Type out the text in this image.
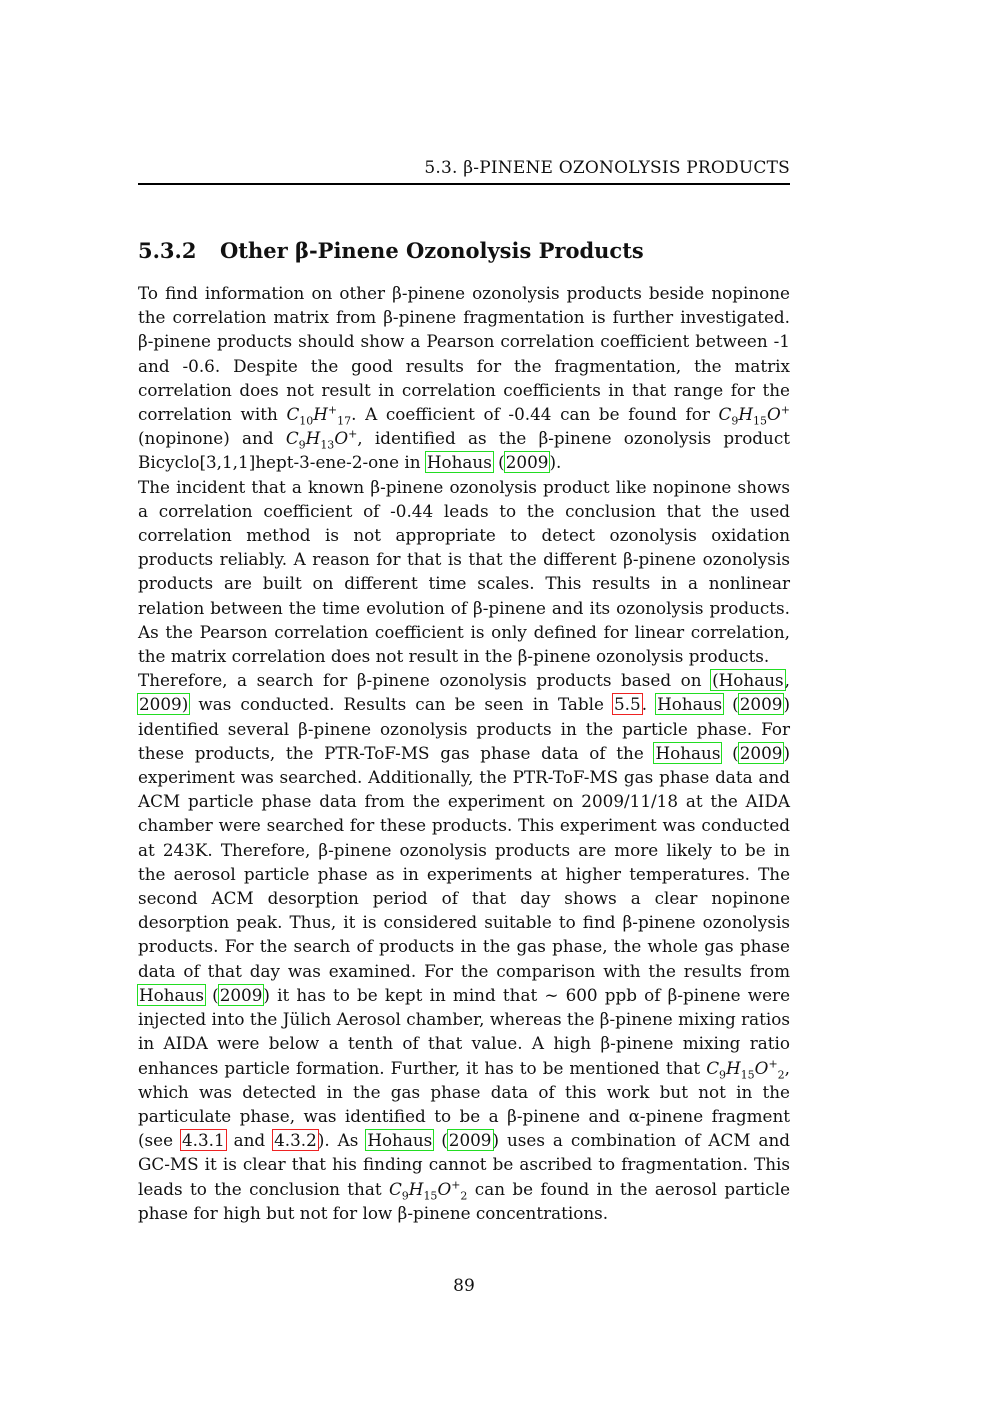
5.3. β-PINENE OZONOLYSIS PRODUCTS
5.3.2 Other β-Pinene Ozonolysis Products

To find information on other β-pinene ozonolysis products beside nopinone the correlation matrix from β-pinene fragmentation is further investigated. β-pinene products should show a Pearson correlation coefficient between -1 and -0.6. Despite the good results for the fragmentation, the matrix correlation does not result in correlation coefficients in that range for the correlation with $C_{10}H^+_{17}$. A coefficient of -0.44 can be found for $C_9H_{15}O^+$ (nopinone) and $C_9H_{13}O^+$, identified as the β-pinene ozonolysis product Bicyclo[3,1,1]hept-3-ene-2-one in Hohaus (2009).

The incident that a known β-pinene ozonolysis product like nopinone shows a correlation coefficient of -0.44 leads to the conclusion that the used correlation method is not appropriate to detect ozonolysis oxidation products reliably. A reason for that is that the different β-pinene ozonolysis products are built on different time scales. This results in a nonlinear relation between the time evolution of β-pinene and its ozonolysis products. As the Pearson correlation coefficient is only defined for linear correlation, the matrix correlation does not result in the β-pinene ozonolysis products.

Therefore, a search for β-pinene ozonolysis products based on (Hohaus, 2009) was conducted. Results can be seen in Table 5.5. Hohaus (2009) identified several β-pinene ozonolysis products in the particle phase. For these products, the PTR-ToF-MS gas phase data of the Hohaus (2009) experiment was searched. Additionally, the PTR-ToF-MS gas phase data and ACM particle phase data from the experiment on 2009/11/18 at the AIDA chamber were searched for these products. This experiment was conducted at 243K. Therefore, β-pinene ozonolysis products are more likely to be in the aerosol particle phase as in experiments at higher temperatures. The second ACM desorption period of that day shows a clear nopinone desorption peak. Thus, it is considered suitable to find β-pinene ozonolysis products. For the search of products in the gas phase, the whole gas phase data of that day was examined. For the comparison with the results from Hohaus (2009) it has to be kept in mind that ∼ 600 ppb of β-pinene were injected into the Jülich Aerosol chamber, whereas the β-pinene mixing ratios in AIDA were below a tenth of that value. A high β-pinene mixing ratio enhances particle formation. Further, it has to be mentioned that $C_9H_{15}O^+_2$, which was detected in the gas phase data of this work but not in the particulate phase, was identified to be a β-pinene and α-pinene fragment (see 4.3.1 and 4.3.2). As Hohaus (2009) uses a combination of ACM and GC-MS it is clear that his finding cannot be ascribed to fragmentation. This leads to the conclusion that $C_9H_{15}O^+_2$ can be found in the aerosol particle phase for high but not for low β-pinene concentrations.

89
